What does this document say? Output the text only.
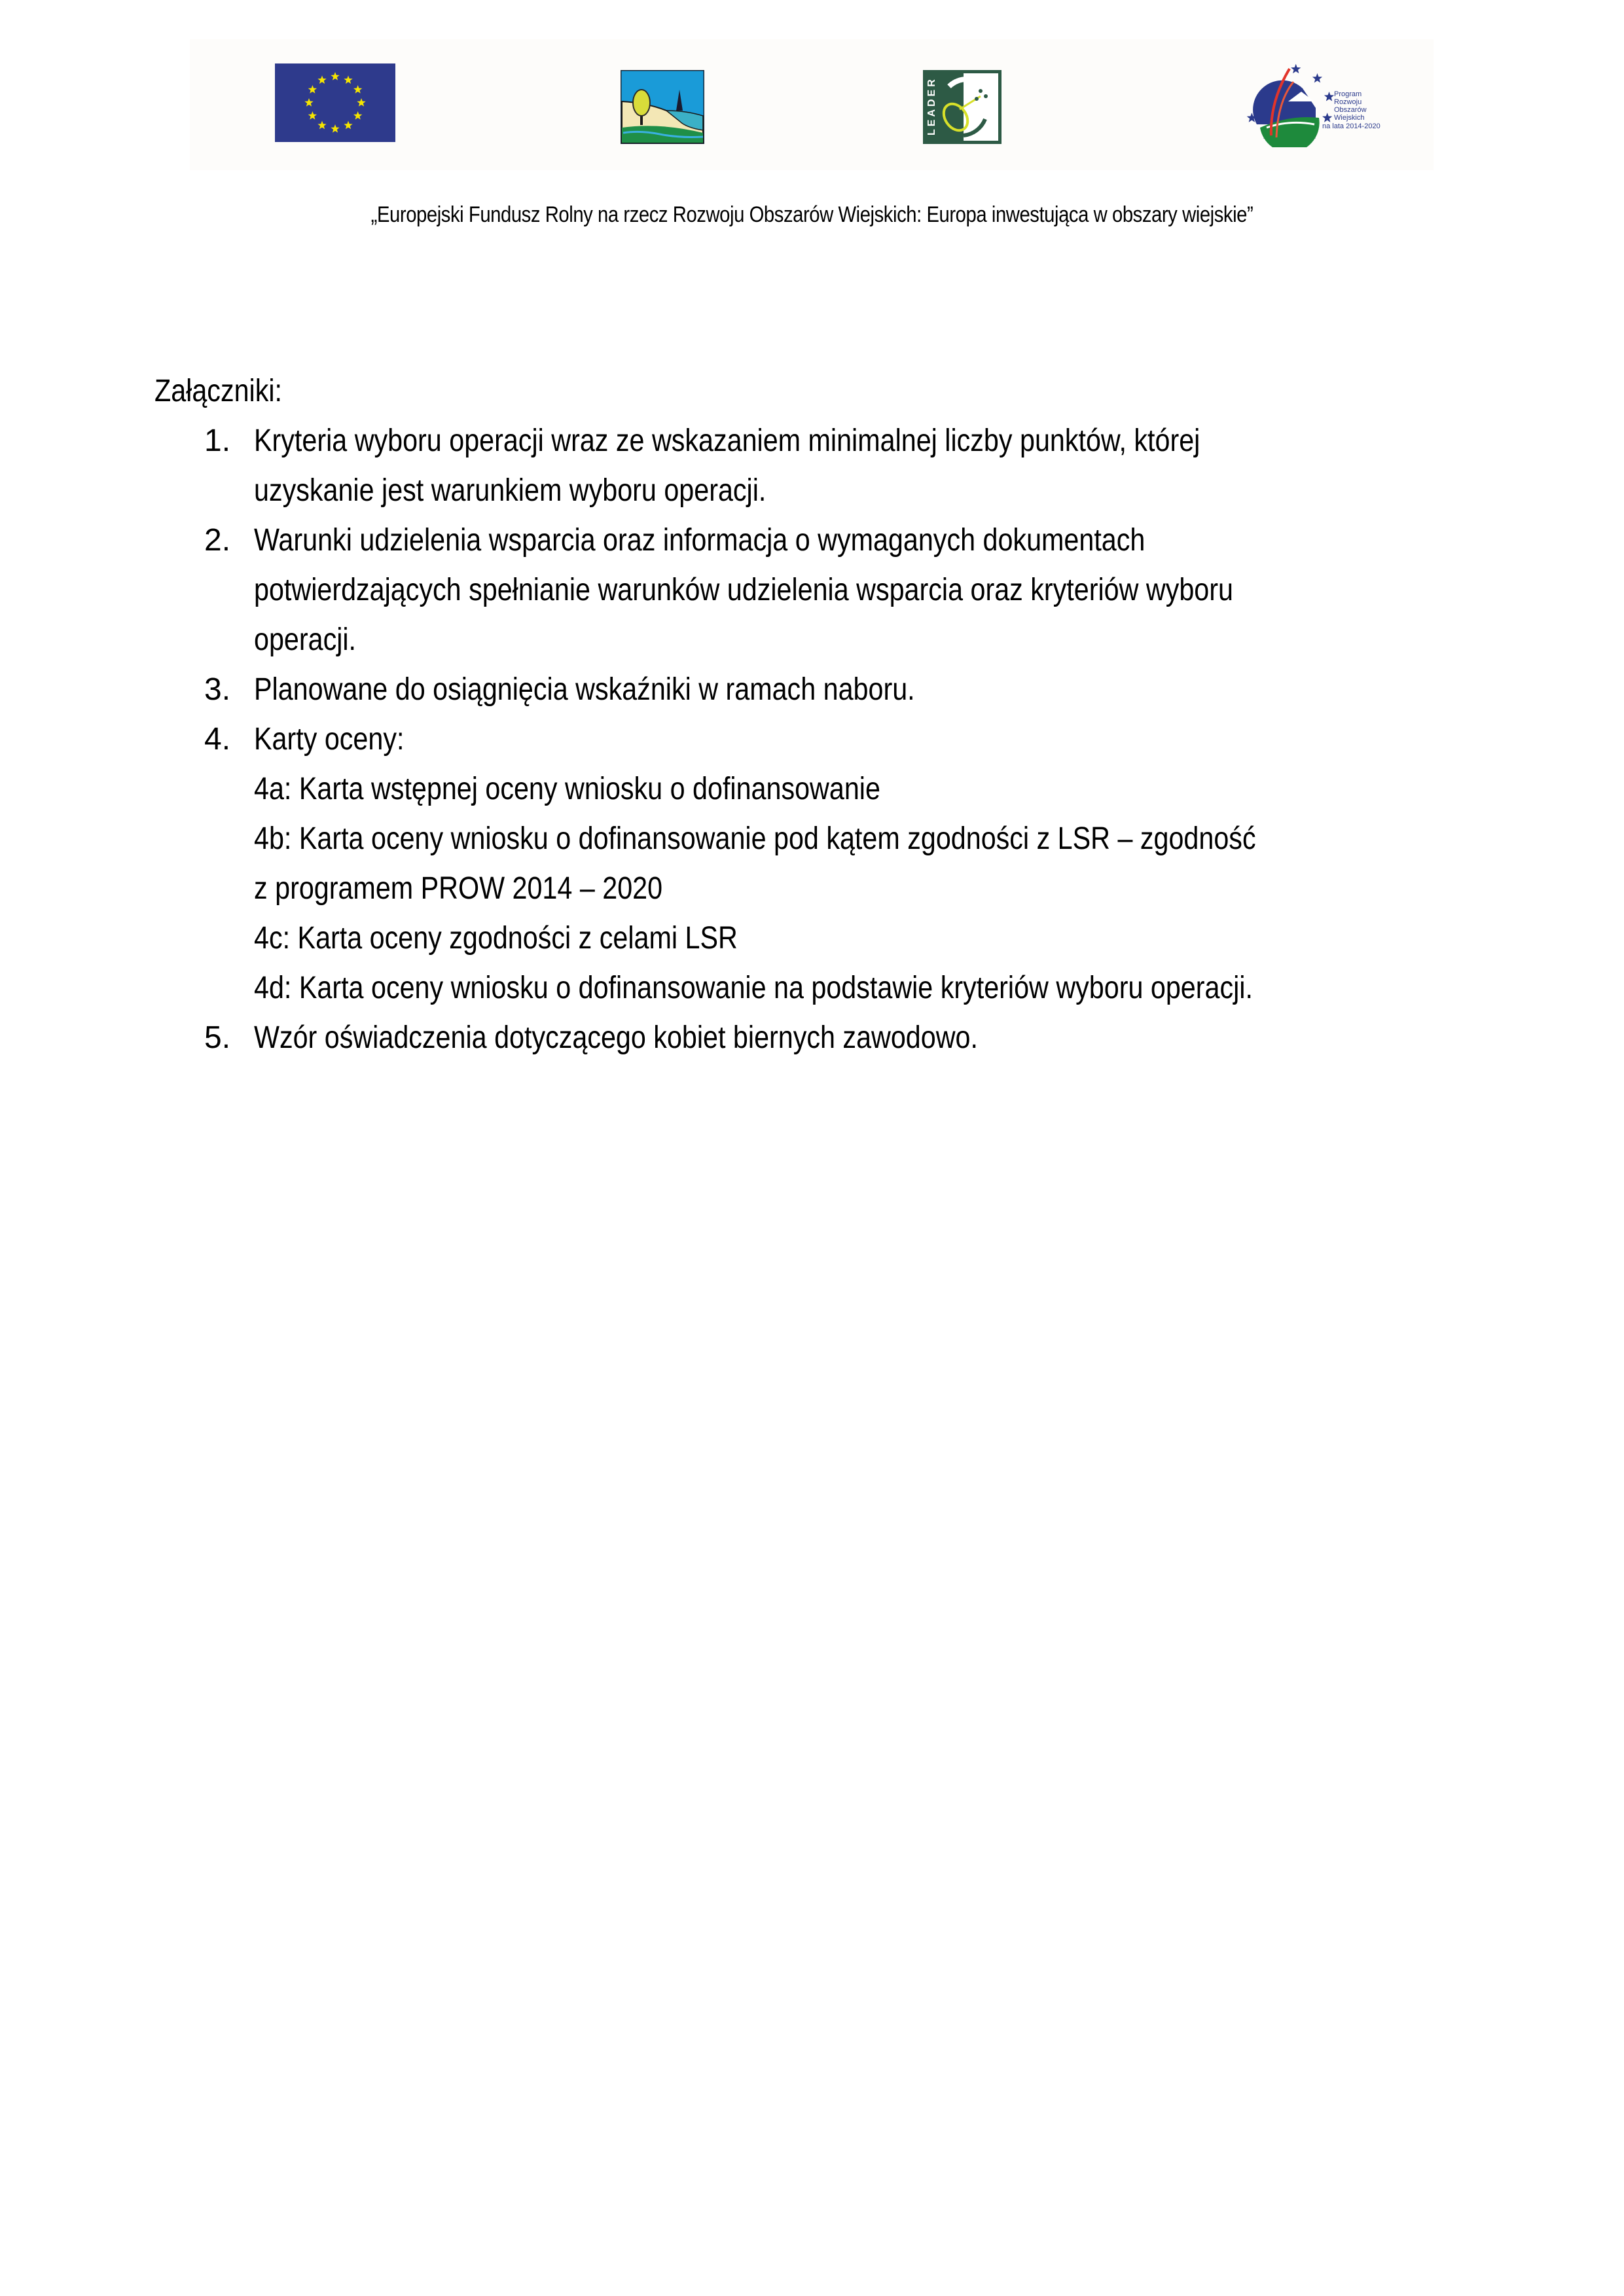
LEADER	Program
Rozwoju
Obszarów
Wiejskich
na lata 2014-2020
„Europejski Fundusz Rolny na rzecz Rozwoju Obszarów Wiejskich: Europa inwestująca w obszary wiejskie”
Załączniki:
1. Kryteria wyboru operacji wraz ze wskazaniem minimalnej liczby punktów, której
uzyskanie jest warunkiem wyboru operacji.
2. Warunki udzielenia wsparcia oraz informacja o wymaganych dokumentach
potwierdzających spełnianie warunków udzielenia wsparcia oraz kryteriów wyboru
operacji.
3. Planowane do osiągnięcia wskaźniki w ramach naboru.
4. Karty oceny:
4a: Karta wstępnej oceny wniosku o dofinansowanie
4b: Karta oceny wniosku o dofinansowanie pod kątem zgodności z LSR – zgodność
z programem PROW 2014 – 2020
4c: Karta oceny zgodności z celami LSR
4d: Karta oceny wniosku o dofinansowanie na podstawie kryteriów wyboru operacji.
5. Wzór oświadczenia dotyczącego kobiet biernych zawodowo.
